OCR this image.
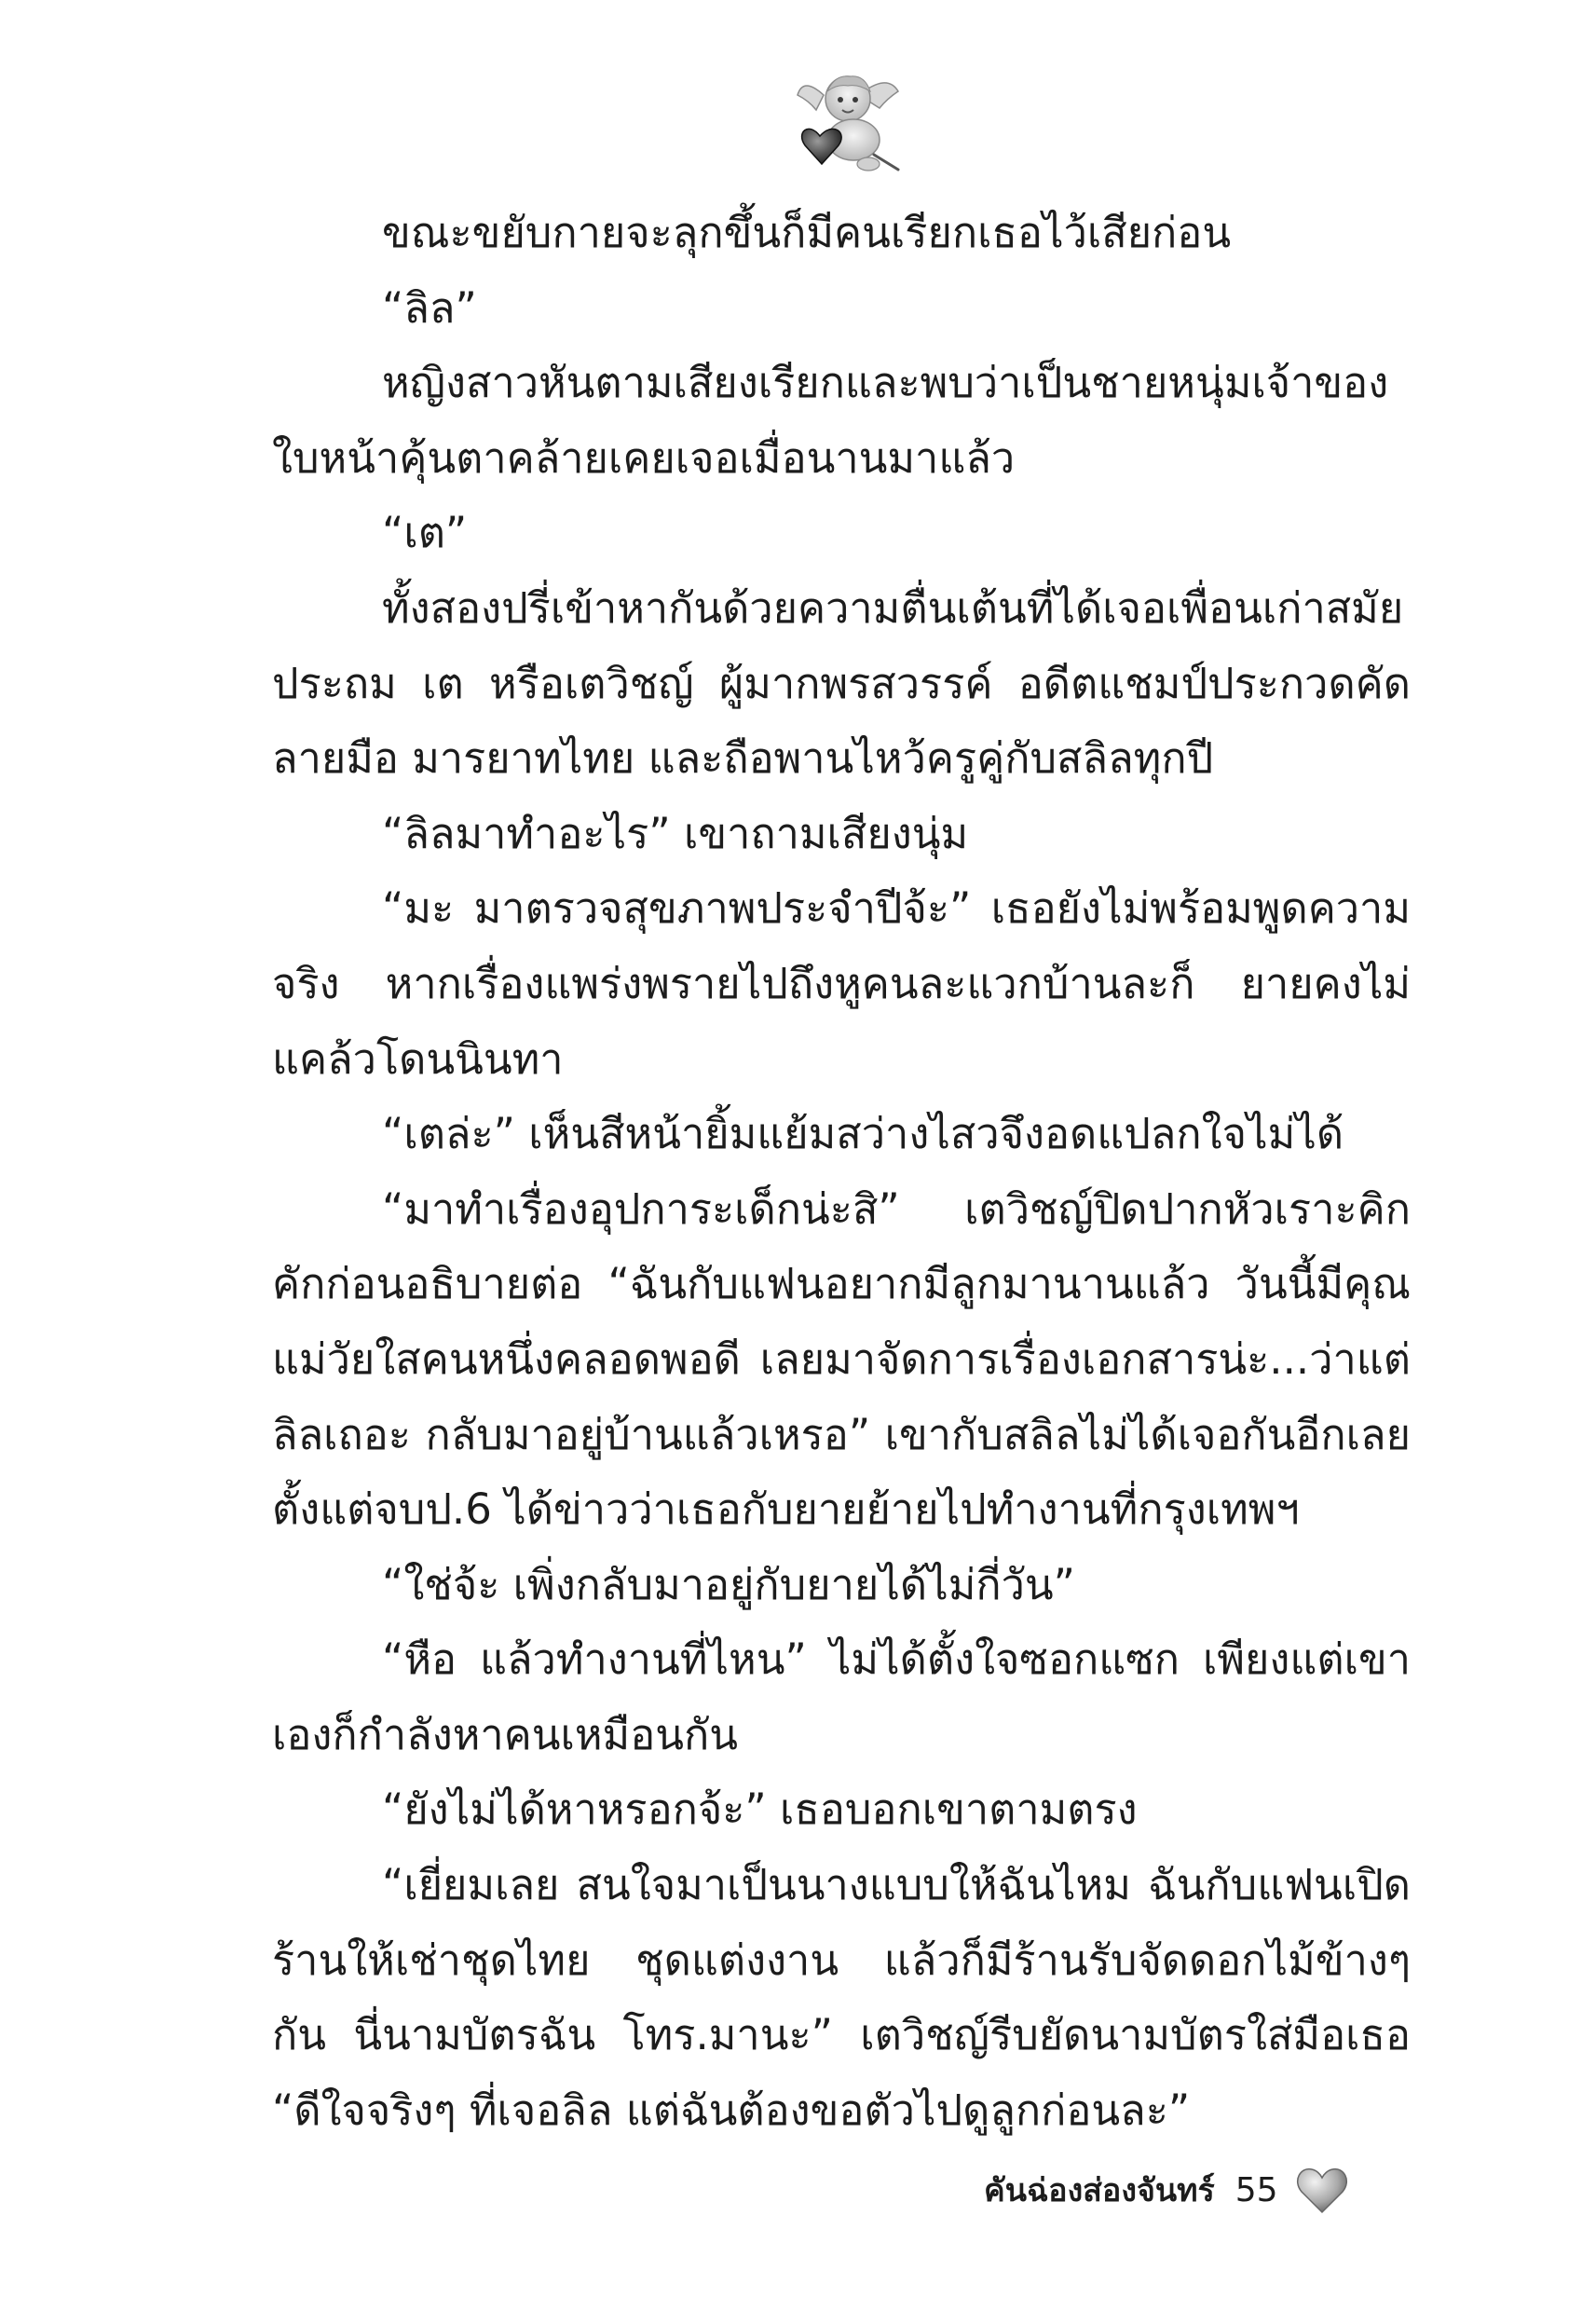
ขณะขยับกายจะลุกขึ้นก็มีคนเรียกเธอไว้เสียก่อน

“ลิล”

หญิงสาวหันตามเสียงเรียกและพบว่าเป็นชายหนุ่มเจ้าของใบหน้าคุ้นตาคล้ายเคยเจอเมื่อนานมาแล้ว

“เต”

ทั้งสองปรี่เข้าหากันด้วยความตื่นเต้นที่ได้เจอเพื่อนเก่าสมัยประถม เต หรือเตวิชญ์ ผู้มากพรสวรรค์ อดีตแชมป์ประกวดคัดลายมือ มารยาทไทย และถือพานไหว้ครูคู่กับสลิลทุกปี

“ลิลมาทำอะไร” เขาถามเสียงนุ่ม

“มะ มาตรวจสุขภาพประจำปีจ้ะ” เธอยังไม่พร้อมพูดความจริง หากเรื่องแพร่งพรายไปถึงหูคนละแวกบ้านละก็ ยายคงไม่แคล้วโดนนินทา

“เตล่ะ” เห็นสีหน้ายิ้มแย้มสว่างไสวจึงอดแปลกใจไม่ได้

“มาทำเรื่องอุปการะเด็กน่ะสิ” เตวิชญ์ปิดปากหัวเราะคิกคักก่อนอธิบายต่อ “ฉันกับแฟนอยากมีลูกมานานแล้ว วันนี้มีคุณแม่วัยใสคนหนึ่งคลอดพอดี เลยมาจัดการเรื่องเอกสารน่ะ...ว่าแต่ลิลเถอะ กลับมาอยู่บ้านแล้วเหรอ” เขากับสลิลไม่ได้เจอกันอีกเลยตั้งแต่จบป.6 ได้ข่าวว่าเธอกับยายย้ายไปทำงานที่กรุงเทพฯ

“ใช่จ้ะ เพิ่งกลับมาอยู่กับยายได้ไม่กี่วัน”

“หือ แล้วทำงานที่ไหน” ไม่ได้ตั้งใจซอกแซก เพียงแต่เขาเองก็กำลังหาคนเหมือนกัน

“ยังไม่ได้หาหรอกจ้ะ” เธอบอกเขาตามตรง

“เยี่ยมเลย สนใจมาเป็นนางแบบให้ฉันไหม ฉันกับแฟนเปิดร้านให้เช่าชุดไทย ชุดแต่งงาน แล้วก็มีร้านรับจัดดอกไม้ข้างๆ กัน นี่นามบัตรฉัน โทร.มานะ” เตวิชญ์รีบยัดนามบัตรใส่มือเธอ “ดีใจจริงๆ ที่เจอลิล แต่ฉันต้องขอตัวไปดูลูกก่อนละ”

คันฉ่องส่องจันทร์ 55
